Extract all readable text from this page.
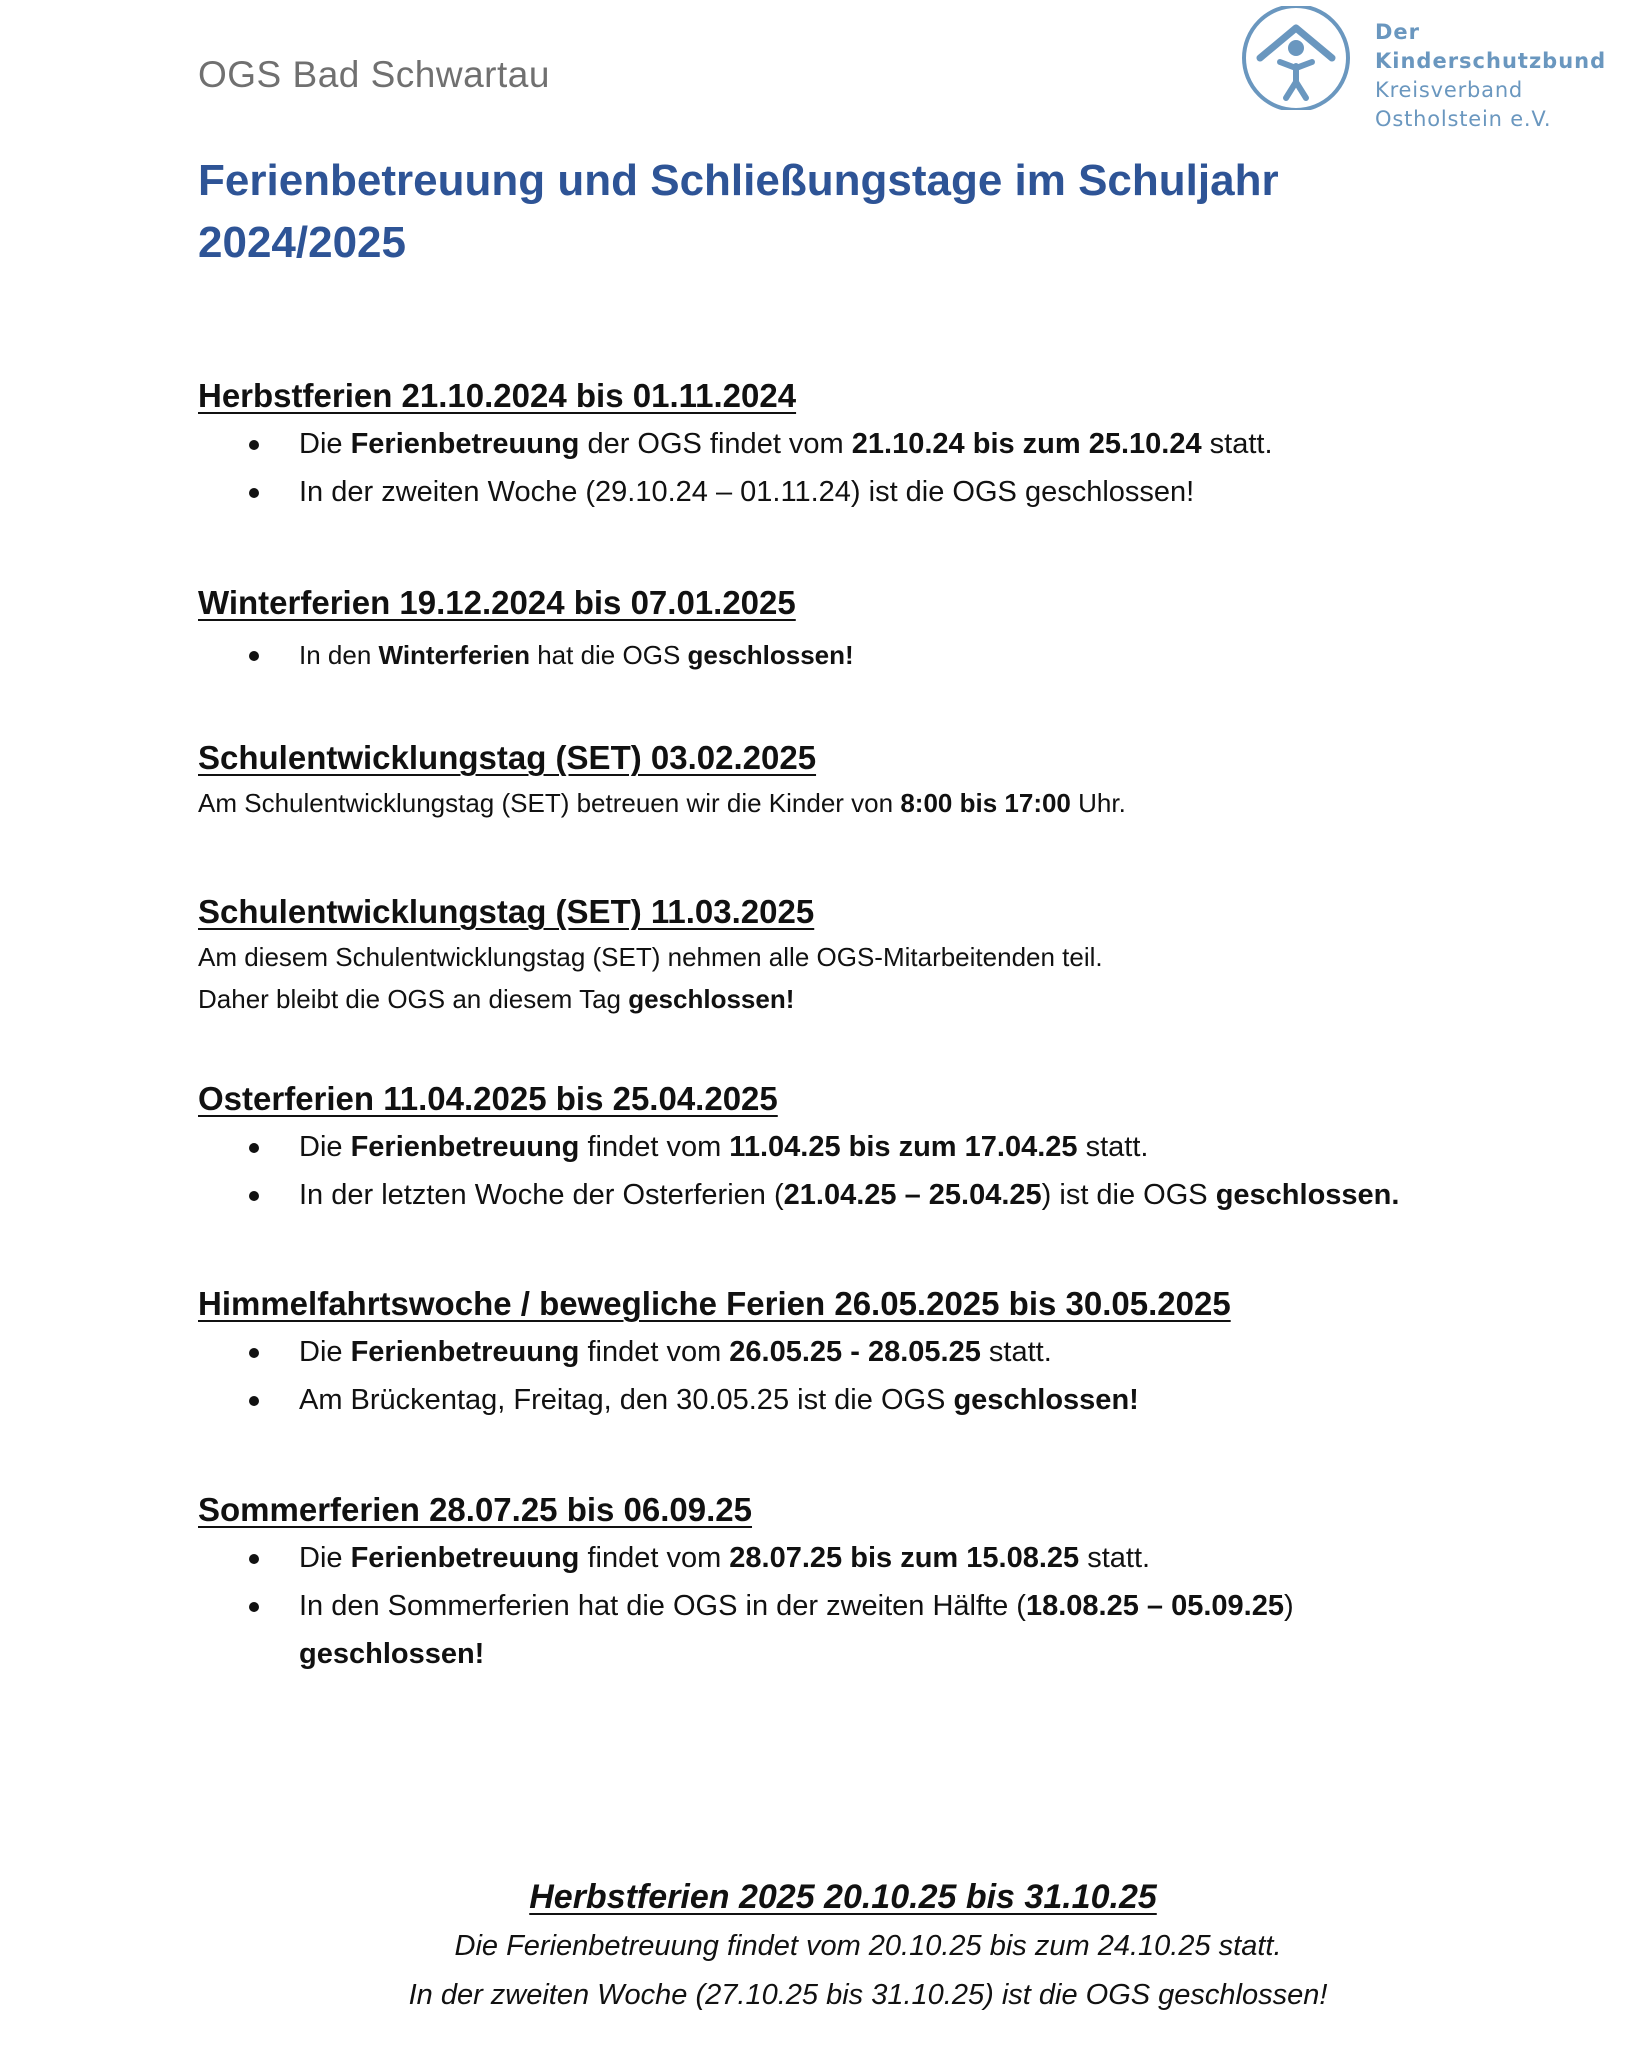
OGS Bad Schwartau
Der Kinderschutzbund
Kreisverband
Ostholstein e.V.
Ferienbetreuung und Schließungstage im Schuljahr 2024/2025
Herbstferien 21.10.2024 bis 01.11.2024
Die Ferienbetreuung der OGS findet vom 21.10.24 bis zum 25.10.24 statt.
In der zweiten Woche (29.10.24 – 01.11.24) ist die OGS geschlossen!
Winterferien 19.12.2024 bis 07.01.2025
In den Winterferien hat die OGS geschlossen!
Schulentwicklungstag (SET) 03.02.2025

Am Schulentwicklungstag (SET) betreuen wir die Kinder von 8:00 bis 17:00 Uhr.

Schulentwicklungstag (SET) 11.03.2025

Am diesem Schulentwicklungstag (SET) nehmen alle OGS-Mitarbeitenden teil.

Daher bleibt die OGS an diesem Tag geschlossen!

Osterferien 11.04.2025 bis 25.04.2025
Die Ferienbetreuung findet vom 11.04.25 bis zum 17.04.25 statt.
In der letzten Woche der Osterferien (21.04.25 – 25.04.25) ist die OGS geschlossen.
Himmelfahrtswoche / bewegliche Ferien 26.05.2025 bis 30.05.2025
Die Ferienbetreuung findet vom 26.05.25 - 28.05.25 statt.
Am Brückentag, Freitag, den 30.05.25 ist die OGS geschlossen!
Sommerferien 28.07.25 bis 06.09.25
Die Ferienbetreuung findet vom 28.07.25 bis zum 15.08.25 statt.
In den Sommerferien hat die OGS in der zweiten Hälfte (18.08.25 – 05.09.25)
geschlossen!
Herbstferien 2025 20.10.25 bis 31.10.25
Die Ferienbetreuung findet vom 20.10.25 bis zum 24.10.25 statt.
In der zweiten Woche (27.10.25 bis 31.10.25) ist die OGS geschlossen!
